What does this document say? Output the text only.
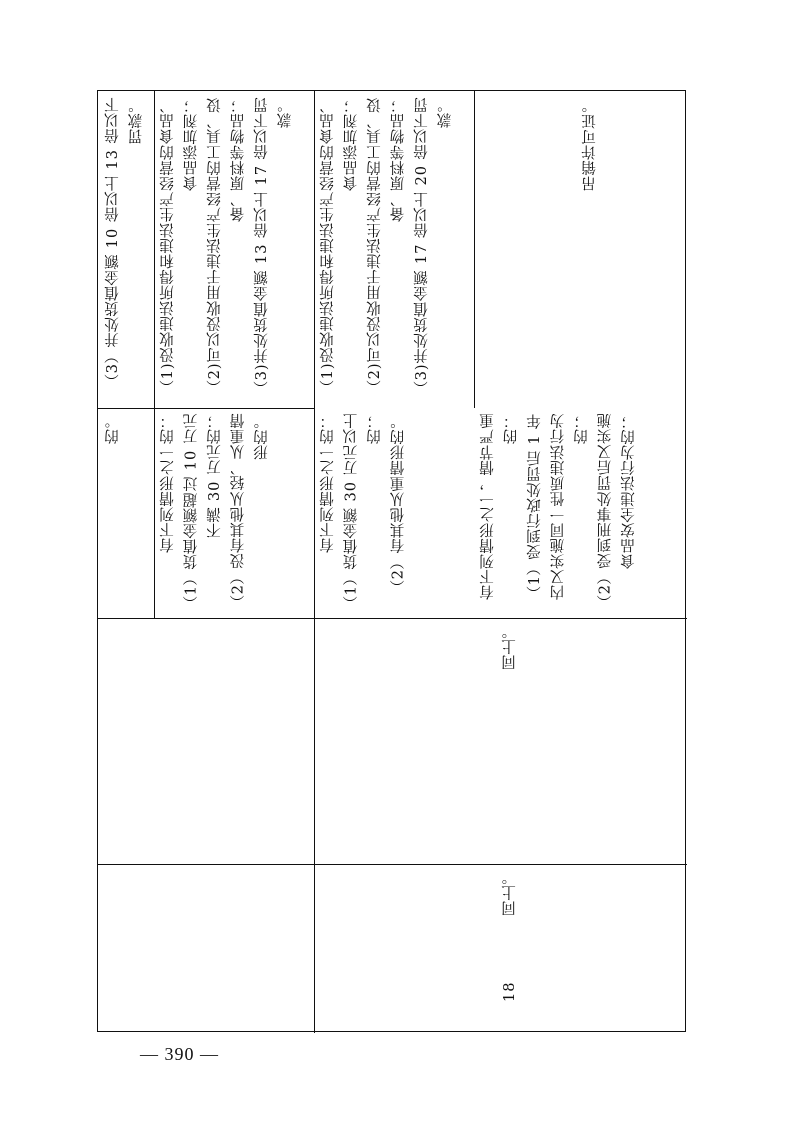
（3）并处货值金额 10 倍以上 13 倍以下罚款。
的。
（1)没收违法所得和违法生产经营的食品、食品添加剂；
（2)可以没收用于违法生产经营的工具、设备、原料等物品；
（3)并处货值金额 13 倍以上 17 倍以下罚款。
有下列情形之一的：
（1）货值金额超过 10 万元不满 30 万元的；
（2）没有其他从轻、从重情形的。
（1)没收违法所得和违法生产经营的食品、食品添加剂；
（2)可以没收用于违法生产经营的工具、设备、原料等物品；
（3)并处货值金额 17 倍以上 20 倍以下罚款。
有下列情形之一的：
（1）货值金额 30 万元以上的；
（2）有其他从重情形的。
吊销许可证。
有下列情形之一，情节严重的：
（1）受到行政处罚后 1 年内又实施同一性质违法行为的；
（2）受到刑事处罚后又实施食品安全违法行为的；
同上。
同上。
18
— 390 —
